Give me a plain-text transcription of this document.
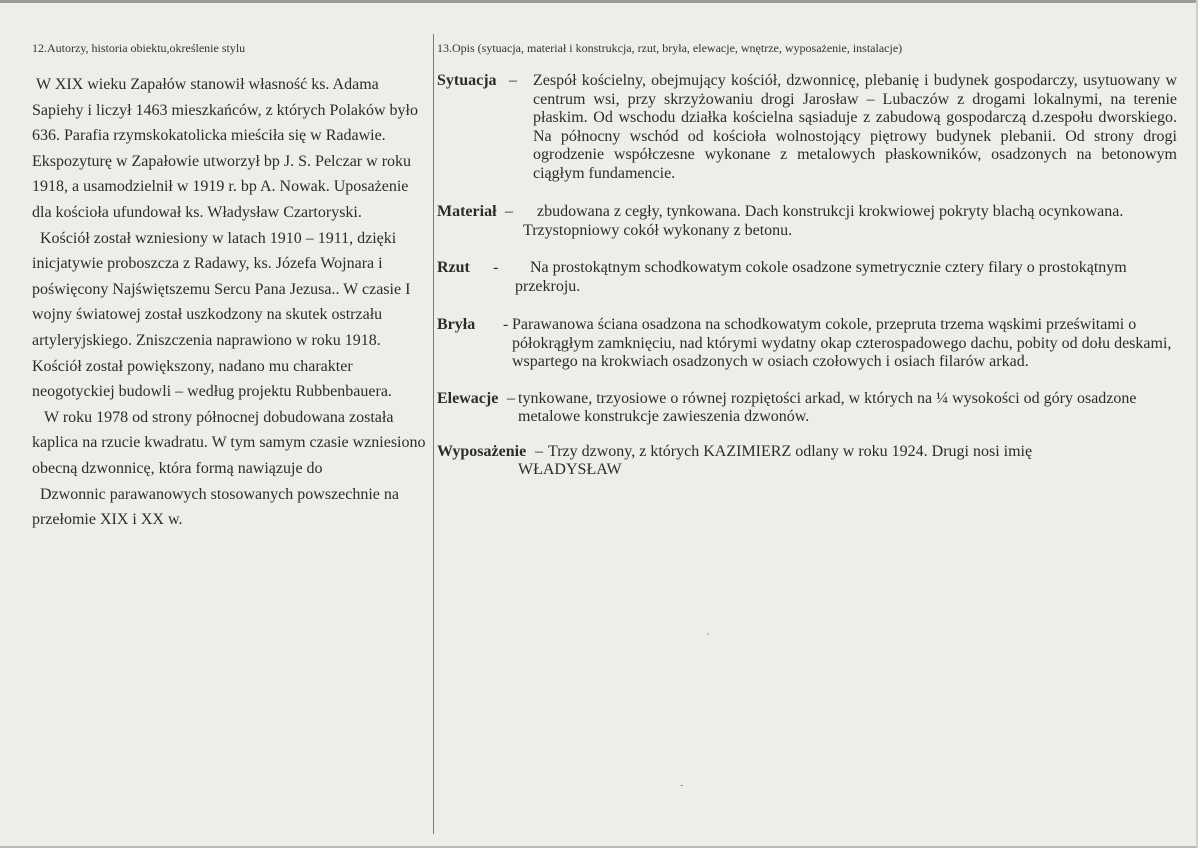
12.Autorzy, historia obiektu,określenie stylu

W XIX wieku Zapałów stanowił własność ks. Adama Sapiehy i liczył 1463 mieszkańców, z których Polaków było 636. Parafia rzymskokatolicka mieściła się w Radawie. Ekspozyturę w Zapałowie utworzył bp J. S. Pelczar w roku 1918, a usamodzielnił w 1919 r. bp A. Nowak. Uposażenie dla kościoła ufundował ks. Władysław Czartoryski.

Kościół został wzniesiony w latach 1910 – 1911, dzięki inicjatywie proboszcza z Radawy, ks. Józefa Wojnara i poświęcony Najświętszemu Sercu Pana Jezusa.. W czasie I wojny światowej został uszkodzony na skutek ostrzału artyleryjskiego. Zniszczenia naprawiono w roku 1918. Kościół został powiększony, nadano mu charakter neogotyckiej budowli – według projektu Rubbenbauera.

W roku 1978 od strony północnej dobudowana została kaplica na rzucie kwadratu. W tym samym czasie wzniesiono obecną dzwonnicę, która formą nawiązuje do

Dzwonnic parawanowych stosowanych powszechnie na przełomie XIX i XX w.

13.Opis (sytuacja, materiał i konstrukcja, rzut, bryła, elewacje, wnętrze, wyposażenie, instalacje)
Sytuacja –	Zespół kościelny, obejmujący kościół, dzwonnicę, plebanię i budynek gospodarczy, usytuowany w centrum wsi, przy skrzyżowaniu drogi Jarosław – Lubaczów z drogami lokalnymi, na terenie płaskim. Od wschodu działka kościelna sąsiaduje z zabudową gospodarczą d.zespołu dworskiego. Na północny wschód od kościoła wolnostojący piętrowy budynek plebanii. Od strony drogi ogrodzenie współczesne wykonane z metalowych płaskowników, osadzonych na betonowym ciągłym fundamencie.

Materiał –	zbudowana z cegły, tynkowana. Dach konstrukcji krokwiowej pokryty blachą ocynkowana. Trzystopniowy cokół wykonany z betonu.

Rzut -	Na prostokątnym schodkowatym cokole osadzone symetrycznie cztery filary o prostokątnym przekroju.

Bryła - Parawanowa ściana osadzona na schodkowatym cokole, przepruta trzema wąskimi prześwitami o półokrągłym zamknięciu, nad którymi wydatny okap czterospadowego dachu, pobity od dołu deskami, wspartego na krokwiach osadzonych w osiach czołowych i osiach filarów arkad.

Elewacje – tynkowane, trzyosiowe o równej rozpiętości arkad, w których na ¼ wysokości od góry osadzone metalowe konstrukcje zawieszenia dzwonów.

Wyposażenie – Trzy dzwony, z których KAZIMIERZ odlany w roku 1924. Drugi nosi imię WŁADYSŁAW

'
-
